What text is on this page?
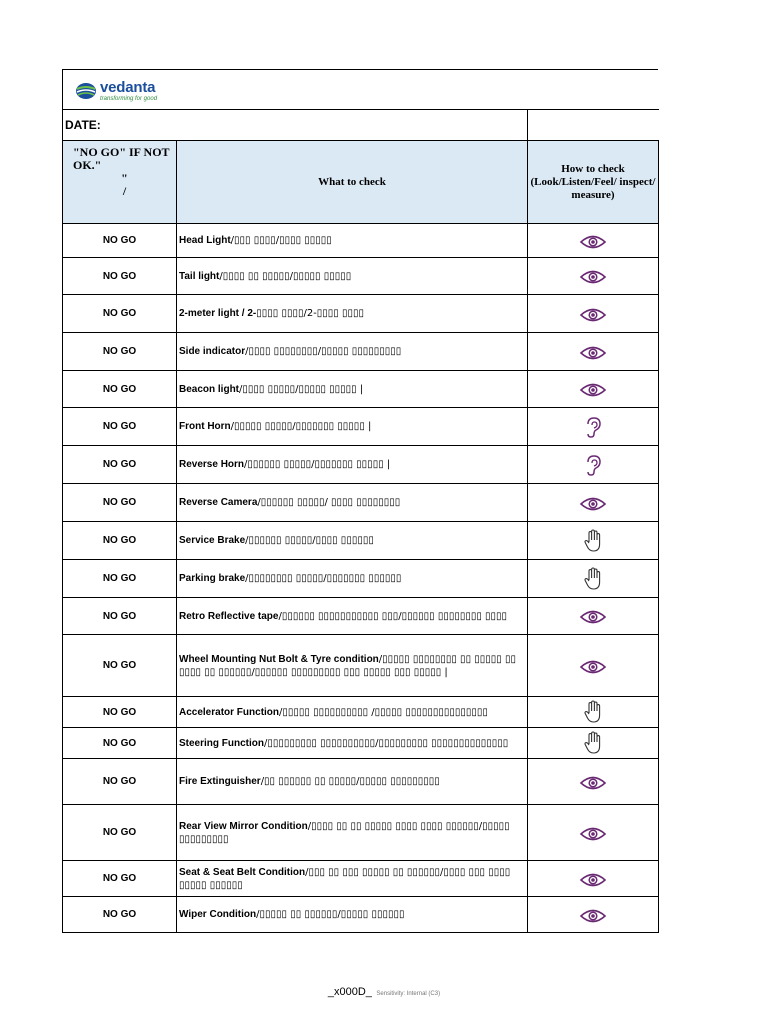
vedanta
transforming for good
DATE:		
"NO GO" IF NOT OK."
"
/	What to check	How to check (Look/Listen/Feel/ inspect/ measure)
NO GO	Head Light/▯▯▯ ▯▯▯▯/▯▯▯▯ ▯▯▯▯▯	
NO GO	Tail light/▯▯▯▯ ▯▯ ▯▯▯▯▯/▯▯▯▯▯ ▯▯▯▯▯	
NO GO	2-meter light / 2-▯▯▯▯ ▯▯▯▯/2-▯▯▯▯ ▯▯▯▯	
NO GO	Side indicator/▯▯▯▯ ▯▯▯▯▯▯▯▯/▯▯▯▯▯ ▯▯▯▯▯▯▯▯▯	
NO GO	Beacon light/▯▯▯▯ ▯▯▯▯▯/▯▯▯▯▯ ▯▯▯▯▯ |	
NO GO	Front Horn/▯▯▯▯▯ ▯▯▯▯▯/▯▯▯▯▯▯▯ ▯▯▯▯▯ |	
NO GO	Reverse Horn/▯▯▯▯▯▯ ▯▯▯▯▯/▯▯▯▯▯▯▯ ▯▯▯▯▯ |	
NO GO	Reverse Camera/▯▯▯▯▯▯ ▯▯▯▯▯/ ▯▯▯▯ ▯▯▯▯▯▯▯▯	
NO GO	Service Brake/▯▯▯▯▯▯ ▯▯▯▯▯/▯▯▯▯ ▯▯▯▯▯▯	
NO GO	Parking brake/▯▯▯▯▯▯▯▯ ▯▯▯▯▯/▯▯▯▯▯▯▯ ▯▯▯▯▯▯	
NO GO	Retro Reflective tape/▯▯▯▯▯▯ ▯▯▯▯▯▯▯▯▯▯▯ ▯▯▯/▯▯▯▯▯▯ ▯▯▯▯▯▯▯▯ ▯▯▯▯	
NO GO	Wheel Mounting Nut Bolt & Tyre condition/▯▯▯▯▯ ▯▯▯▯▯▯▯▯ ▯▯ ▯▯▯▯▯ ▯▯ ▯▯▯▯ ▯▯ ▯▯▯▯▯▯/▯▯▯▯▯▯ ▯▯▯▯▯▯▯▯▯ ▯▯▯ ▯▯▯▯▯ ▯▯▯ ▯▯▯▯▯ |	
NO GO	Accelerator Function/▯▯▯▯▯ ▯▯▯▯▯▯▯▯▯▯ /▯▯▯▯▯ ▯▯▯▯▯▯▯▯▯▯▯▯▯▯▯	
NO GO	Steering Function/▯▯▯▯▯▯▯▯▯ ▯▯▯▯▯▯▯▯▯▯/▯▯▯▯▯▯▯▯▯ ▯▯▯▯▯▯▯▯▯▯▯▯▯▯	
NO GO	Fire Extinguisher/▯▯ ▯▯▯▯▯▯ ▯▯ ▯▯▯▯▯/▯▯▯▯▯ ▯▯▯▯▯▯▯▯▯	
NO GO	Rear View Mirror Condition/▯▯▯▯ ▯▯ ▯▯ ▯▯▯▯▯ ▯▯▯▯ ▯▯▯▯ ▯▯▯▯▯▯/▯▯▯▯▯ ▯▯▯▯▯▯▯▯▯	
NO GO	Seat & Seat Belt Condition/▯▯▯ ▯▯ ▯▯▯ ▯▯▯▯▯ ▯▯ ▯▯▯▯▯▯/▯▯▯▯ ▯▯▯ ▯▯▯▯ ▯▯▯▯▯ ▯▯▯▯▯▯	
NO GO	Wiper Condition/▯▯▯▯▯ ▯▯ ▯▯▯▯▯▯/▯▯▯▯▯ ▯▯▯▯▯▯	
_x000D_ Sensitivity: Internal (C3)
